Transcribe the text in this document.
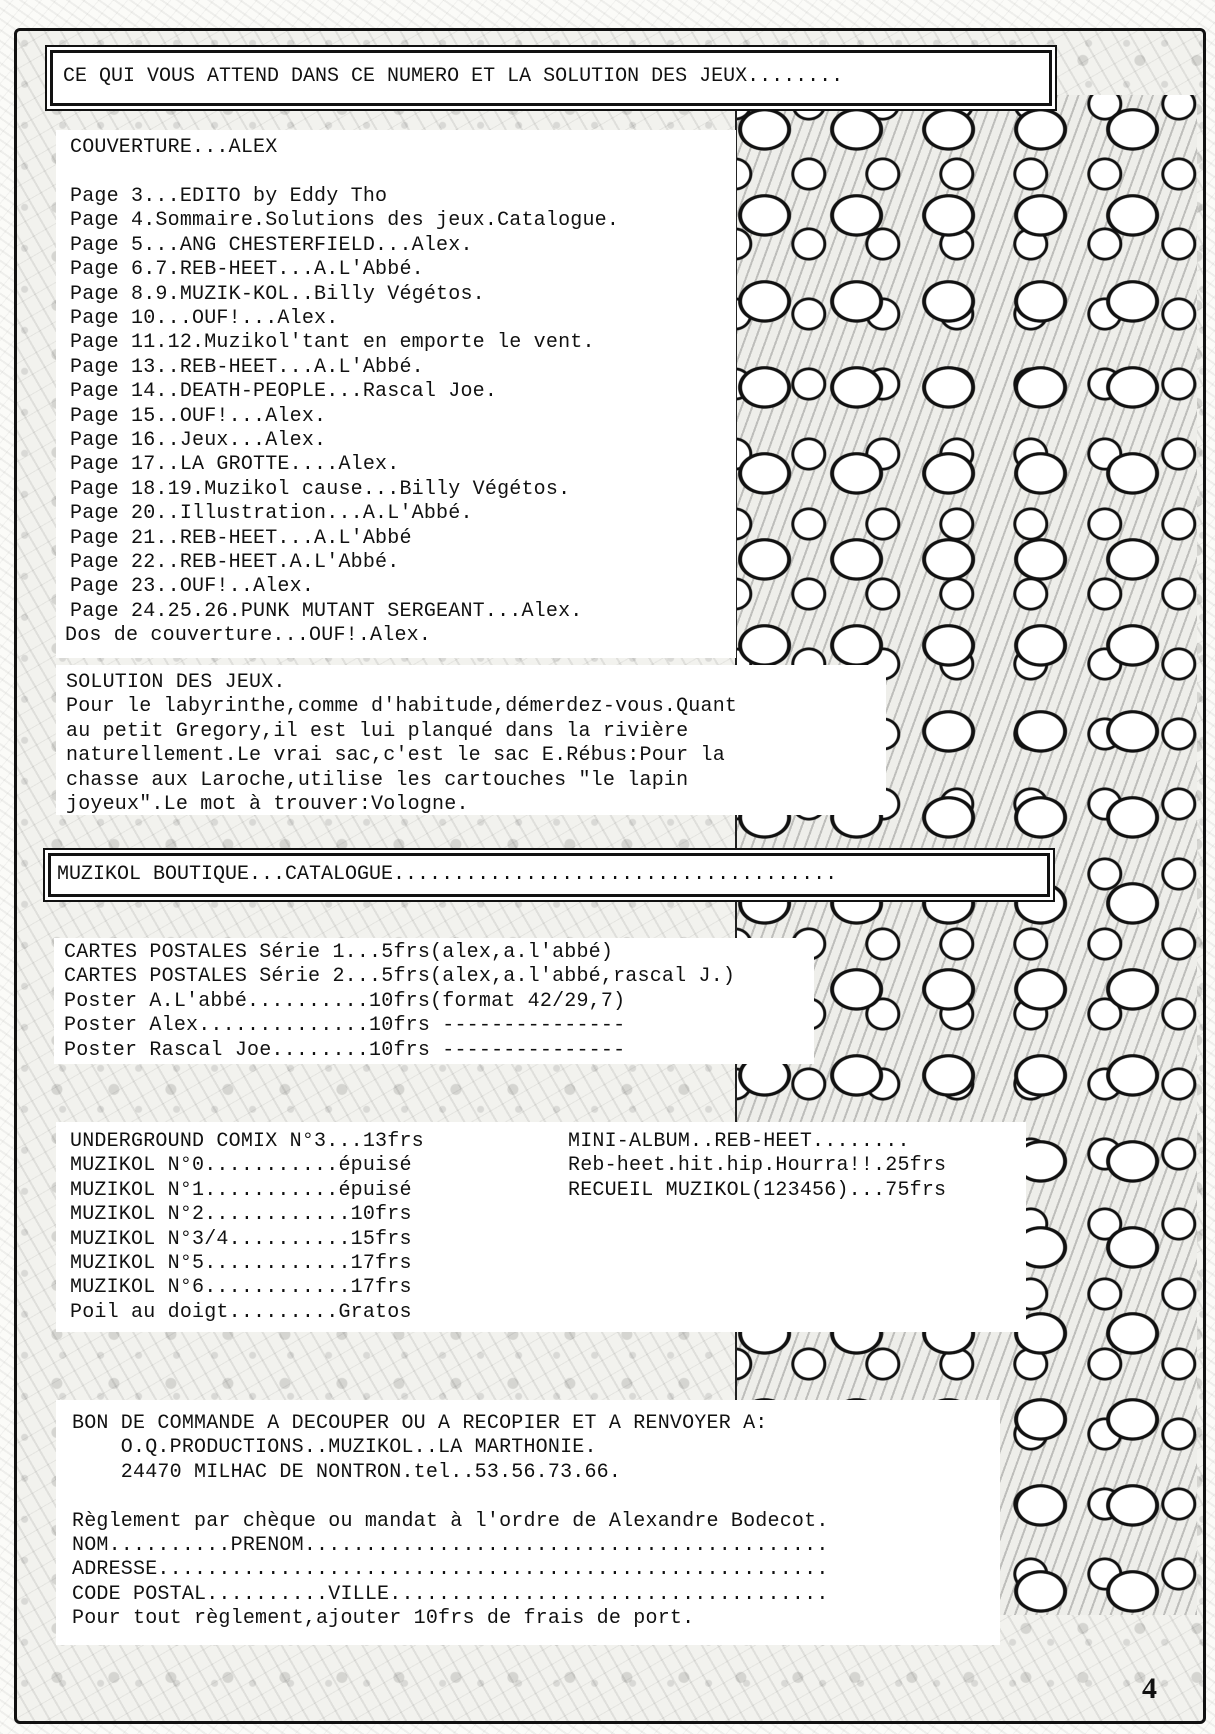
CE QUI VOUS ATTEND DANS CE NUMERO ET LA SOLUTION DES JEUX........
COUVERTURE...ALEX
Page 3...EDITO by Eddy Tho
Page 4.Sommaire.Solutions des jeux.Catalogue.
Page 5...ANG CHESTERFIELD...Alex.
Page 6.7.REB-HEET...A.L'Abbé.
Page 8.9.MUZIK-KOL..Billy Végétos.
Page 10...OUF!...Alex.
Page 11.12.Muzikol'tant en emporte le vent.
Page 13..REB-HEET...A.L'Abbé.
Page 14..DEATH-PEOPLE...Rascal Joe.
Page 15..OUF!...Alex.
Page 16..Jeux...Alex.
Page 17..LA GROTTE....Alex.
Page 18.19.Muzikol cause...Billy Végétos.
Page 20..Illustration...A.L'Abbé.
Page 21..REB-HEET...A.L'Abbé
Page 22..REB-HEET.A.L'Abbé.
Page 23..OUF!..Alex.
Page 24.25.26.PUNK MUTANT SERGEANT...Alex.
Dos de couverture...OUF!.Alex.
SOLUTION DES JEUX.
Pour le labyrinthe,comme d'habitude,démerdez-vous.Quant
au petit Gregory,il est lui planqué dans la rivière
naturellement.Le vrai sac,c'est le sac E.Rébus:Pour la
chasse aux Laroche,utilise les cartouches "le lapin
joyeux".Le mot à trouver:Vologne.
MUZIKOL BOUTIQUE...CATALOGUE.....................................
CARTES POSTALES Série 1...5frs(alex,a.l'abbé)
CARTES POSTALES Série 2...5frs(alex,a.l'abbé,rascal J.)
Poster A.L'abbé..........10frs(format 42/29,7)
Poster Alex..............10frs ---------------
Poster Rascal Joe........10frs ---------------
UNDERGROUND COMIX N°3...13frs
MUZIKOL N°0...........épuisé
MUZIKOL N°1...........épuisé
MUZIKOL N°2............10frs
MUZIKOL N°3/4..........15frs
MUZIKOL N°5............17frs
MUZIKOL N°6............17frs
Poil au doigt.........Gratos
MINI-ALBUM..REB-HEET........
Reb-heet.hit.hip.Hourra!!.25frs
RECUEIL MUZIKOL(123456)...75frs
BON DE COMMANDE A DECOUPER OU A RECOPIER ET A RENVOYER A:
O.Q.PRODUCTIONS..MUZIKOL..LA MARTHONIE.
24470 MILHAC DE NONTRON.tel..53.56.73.66.
Règlement par chèque ou mandat à l'ordre de Alexandre Bodecot.
NOM..........PRENOM...........................................
ADRESSE.......................................................
CODE POSTAL..........VILLE....................................
Pour tout règlement,ajouter 10frs de frais de port.
4
